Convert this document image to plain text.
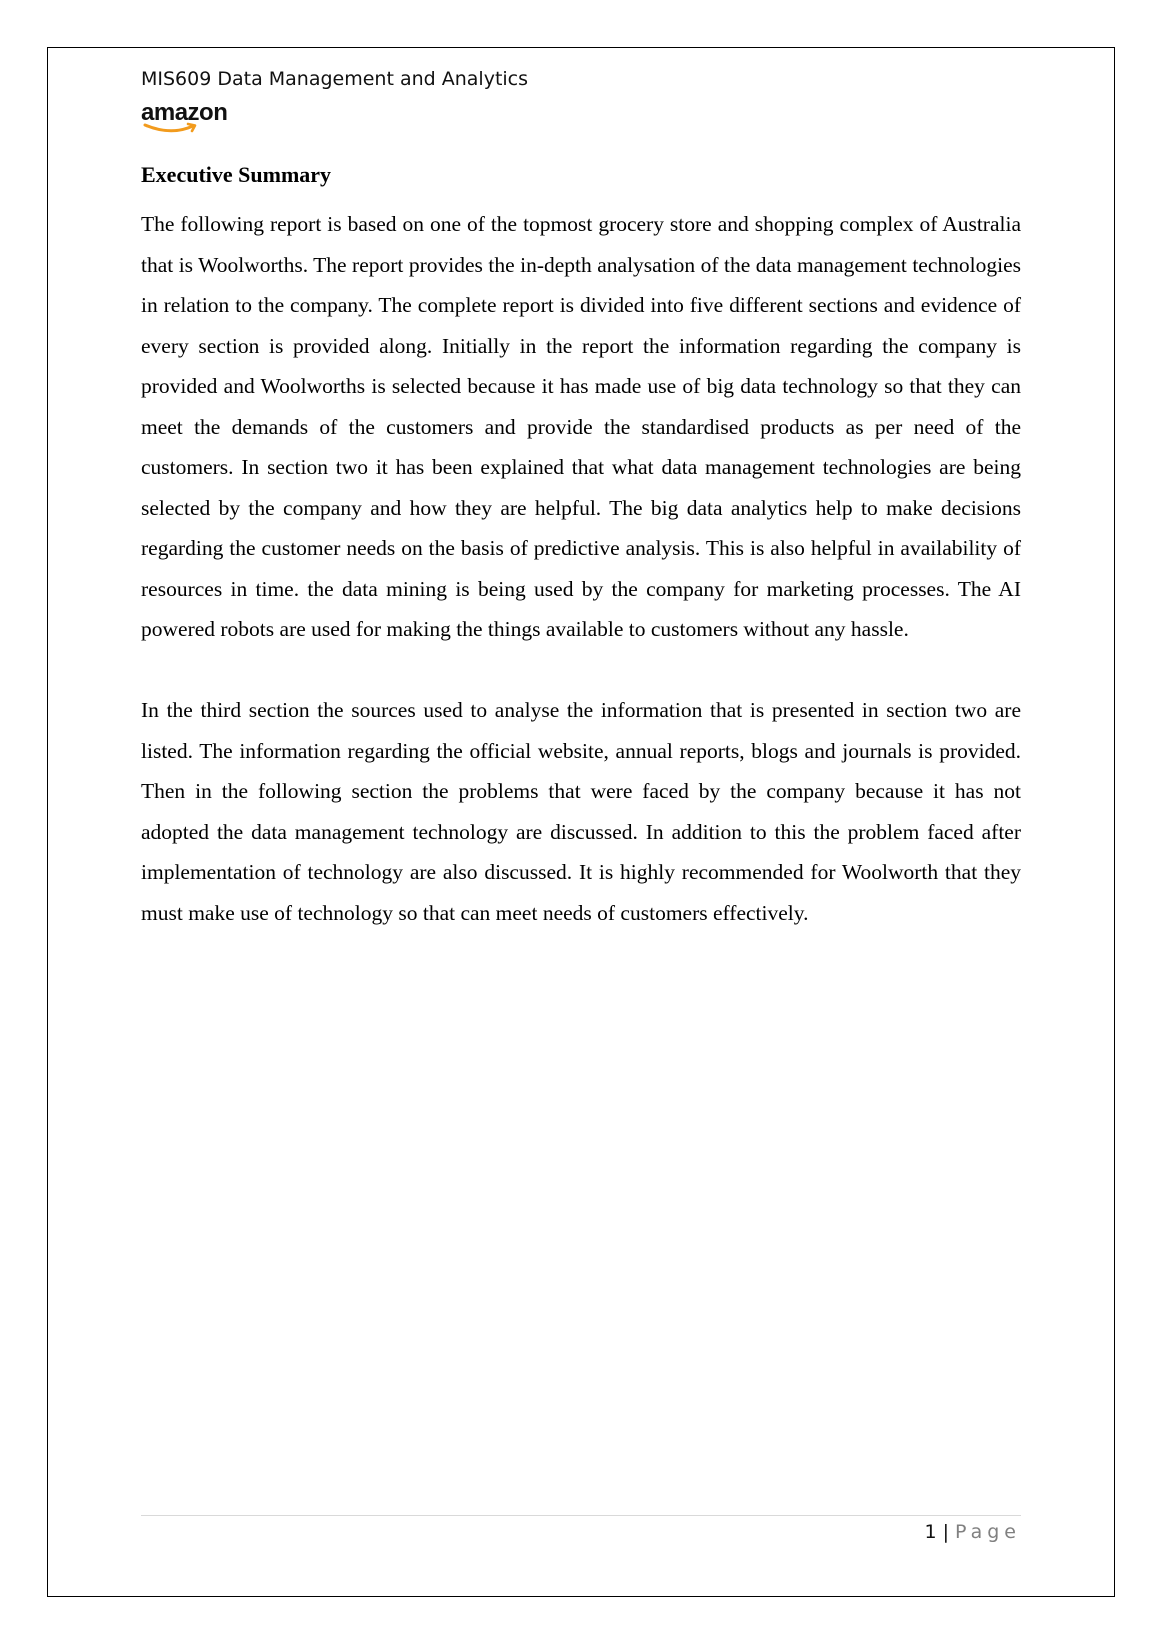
MIS609 Data Management and Analytics
amazon
Executive Summary

The following report is based on one of the topmost grocery store and shopping complex of Australia that is Woolworths. The report provides the in-depth analysation of the data management technologies in relation to the company. The complete report is divided into five different sections and evidence of every section is provided along. Initially in the report the information regarding the company is provided and Woolworths is selected because it has made use of big data technology so that they can meet the demands of the customers and provide the standardised products as per need of the customers. In section two it has been explained that what data management technologies are being selected by the company and how they are helpful. The big data analytics help to make decisions regarding the customer needs on the basis of predictive analysis. This is also helpful in availability of resources in time. the data mining is being used by the company for marketing processes. The AI powered robots are used for making the things available to customers without any hassle.

In the third section the sources used to analyse the information that is presented in section two are listed. The information regarding the official website, annual reports, blogs and journals is provided. Then in the following section the problems that were faced by the company because it has not adopted the data management technology are discussed. In addition to this the problem faced after implementation of technology are also discussed. It is highly recommended for Woolworth that they must make use of technology so that can meet needs of customers effectively.

1 | Page
